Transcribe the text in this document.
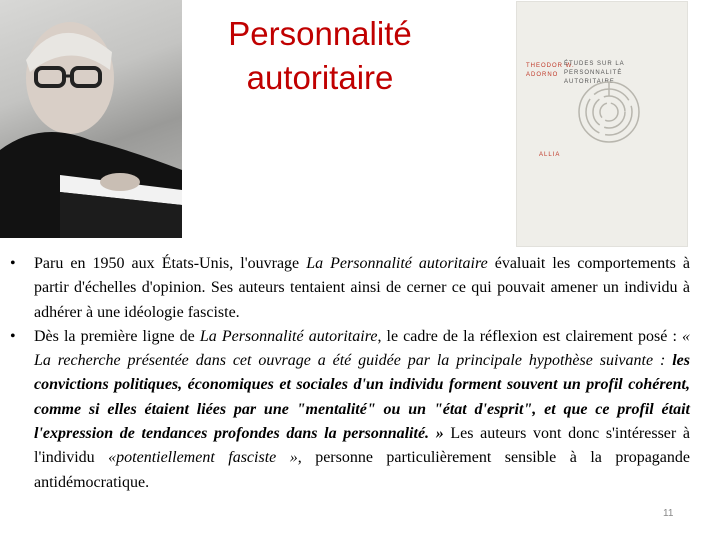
Personnalité
autoritaire	THEODOR W. ADORNO
ÉTUDES SUR LA PERSONNALITÉ AUTORITAIRE
ALLIA
• Paru en 1950 aux États-Unis, l'ouvrage La Personnalité autoritaire évaluait les comportements à partir d'échelles d'opinion. Ses auteurs tentaient ainsi de cerner ce qui pouvait amener un individu à adhérer à une idéologie fasciste.
• Dès la première ligne de La Personnalité autoritaire, le cadre de la réflexion est clairement posé : « La recherche présentée dans cet ouvrage a été guidée par la principale hypothèse suivante : les convictions politiques, économiques et sociales d'un individu forment souvent un profil cohérent, comme si elles étaient liées par une "mentalité" ou un "état d'esprit", et que ce profil était l'expression de tendances profondes dans la personnalité. » Les auteurs vont donc s'intéresser à l'individu «potentiellement fasciste », personne particulièrement sensible à la propagande antidémocratique.
11
